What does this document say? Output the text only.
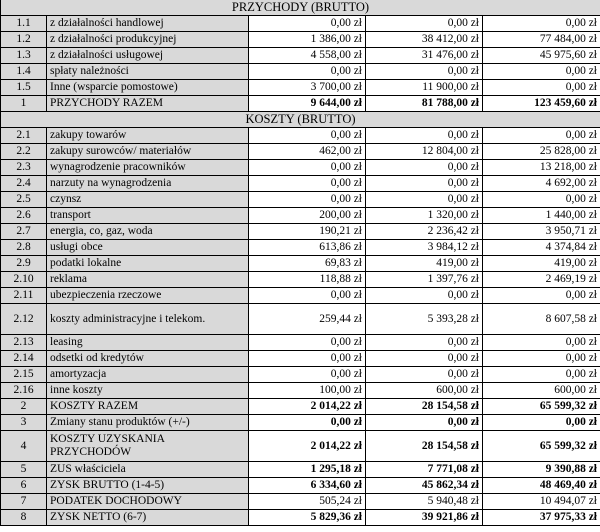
PRZYCHODY (BRUTTO)				
1.1	z działalności handlowej	0,00 zł	0,00 zł	0,00 zł
1.2	z działalności produkcyjnej	1 386,00 zł	38 412,00 zł	77 484,00 zł
1.3	z działalności usługowej	4 558,00 zł	31 476,00 zł	45 975,60 zł
1.4	spłaty należności	0,00 zł	0,00 zł	0,00 zł
1.5	Inne (wsparcie pomostowe)	3 700,00 zł	11 900,00 zł	0,00 zł
1	PRZYCHODY RAZEM	9 644,00 zł	81 788,00 zł	123 459,60 zł
KOSZTY (BRUTTO)				
2.1	zakupy towarów	0,00 zł	0,00 zł	0,00 zł
2.2	zakupy surowców/ materiałów	462,00 zł	12 804,00 zł	25 828,00 zł
2.3	wynagrodzenie pracowników	0,00 zł	0,00 zł	13 218,00 zł
2.4	narzuty na wynagrodzenia	0,00 zł	0,00 zł	4 692,00 zł
2.5	czynsz	0,00 zł	0,00 zł	0,00 zł
2.6	transport	200,00 zł	1 320,00 zł	1 440,00 zł
2.7	energia, co, gaz, woda	190,21 zł	2 236,42 zł	3 950,71 zł
2.8	usługi obce	613,86 zł	3 984,12 zł	4 374,84 zł
2.9	podatki lokalne	69,83 zł	419,00 zł	419,00 zł
2.10	reklama	118,88 zł	1 397,76 zł	2 469,19 zł
2.11	ubezpieczenia rzeczowe	0,00 zł	0,00 zł	0,00 zł
2.12	koszty administracyjne i telekom.	259,44 zł	5 393,28 zł	8 607,58 zł
2.13	leasing	0,00 zł	0,00 zł	0,00 zł
2.14	odsetki od kredytów	0,00 zł	0,00 zł	0,00 zł
2.15	amortyzacja	0,00 zł	0,00 zł	0,00 zł
2.16	inne koszty	100,00 zł	600,00 zł	600,00 zł
2	KOSZTY RAZEM	2 014,22 zł	28 154,58 zł	65 599,32 zł
3	Zmiany stanu produktów (+/-)	0,00 zł	0,00 zł	0,00 zł
4	KOSZTY UZYSKANIA PRZYCHODÓW	2 014,22 zł	28 154,58 zł	65 599,32 zł
5	ZUS właściciela	1 295,18 zł	7 771,08 zł	9 390,88 zł
6	ZYSK BRUTTO (1-4-5)	6 334,60 zł	45 862,34 zł	48 469,40 zł
7	PODATEK DOCHODOWY	505,24 zł	5 940,48 zł	10 494,07 zł
8	ZYSK NETTO (6-7)	5 829,36 zł	39 921,86 zł	37 975,33 zł
